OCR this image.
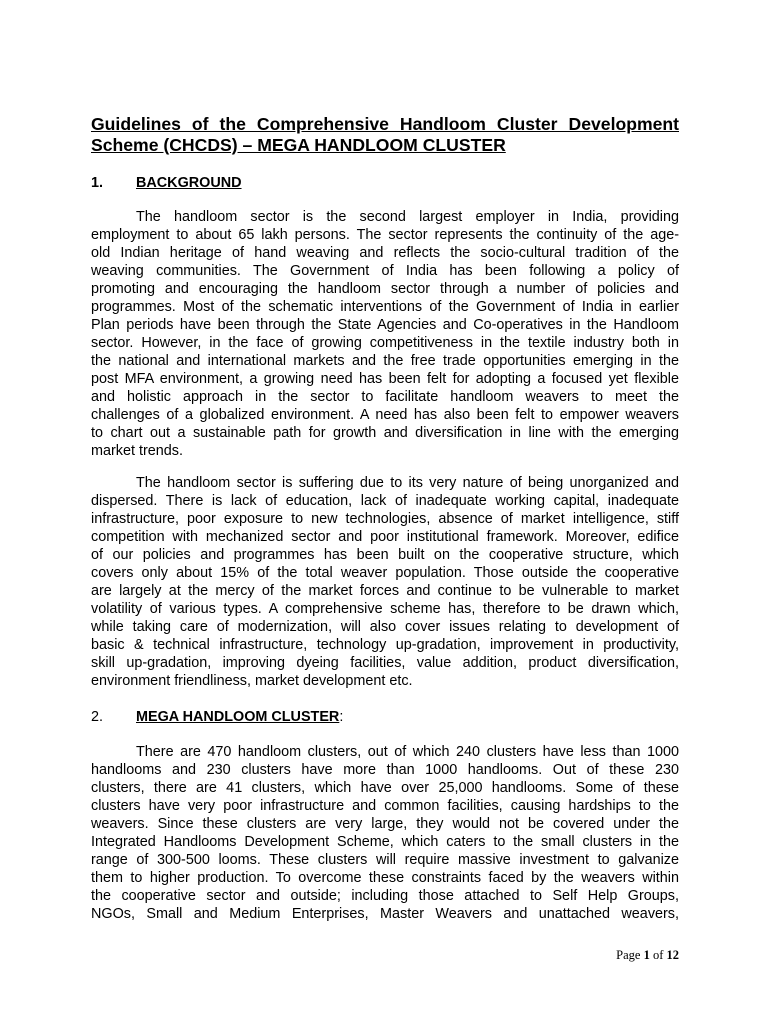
Guidelines of the Comprehensive Handloom Cluster Development Scheme (CHCDS) – MEGA HANDLOOM CLUSTER
1. BACKGROUND
The handloom sector is the second largest employer in India, providing
employment to about 65 lakh persons. The sector represents the continuity of the age-
old Indian heritage of hand weaving and reflects the socio-cultural tradition of the
weaving communities. The Government of India has been following a policy of
promoting and encouraging the handloom sector through a number of policies and
programmes. Most of the schematic interventions of the Government of India in earlier
Plan periods have been through the State Agencies and Co-operatives in the Handloom
sector. However, in the face of growing competitiveness in the textile industry both in
the national and international markets and the free trade opportunities emerging in the
post MFA environment, a growing need has been felt for adopting a focused yet flexible
and holistic approach in the sector to facilitate handloom weavers to meet the
challenges of a globalized environment. A need has also been felt to empower weavers
to chart out a sustainable path for growth and diversification in line with the emerging
market trends.
The handloom sector is suffering due to its very nature of being unorganized and
dispersed. There is lack of education, lack of inadequate working capital, inadequate
infrastructure, poor exposure to new technologies, absence of market intelligence, stiff
competition with mechanized sector and poor institutional framework. Moreover, edifice
of our policies and programmes has been built on the cooperative structure, which
covers only about 15% of the total weaver population. Those outside the cooperative
are largely at the mercy of the market forces and continue to be vulnerable to market
volatility of various types. A comprehensive scheme has, therefore to be drawn which,
while taking care of modernization, will also cover issues relating to development of
basic & technical infrastructure, technology up-gradation, improvement in productivity,
skill up-gradation, improving dyeing facilities, value addition, product diversification,
environment friendliness, market development etc.
2. MEGA HANDLOOM CLUSTER:
There are 470 handloom clusters, out of which 240 clusters have less than 1000
handlooms and 230 clusters have more than 1000 handlooms. Out of these 230
clusters, there are 41 clusters, which have over 25,000 handlooms. Some of these
clusters have very poor infrastructure and common facilities, causing hardships to the
weavers. Since these clusters are very large, they would not be covered under the
Integrated Handlooms Development Scheme, which caters to the small clusters in the
range of 300-500 looms. These clusters will require massive investment to galvanize
them to higher production. To overcome these constraints faced by the weavers within
the cooperative sector and outside; including those attached to Self Help Groups,
NGOs, Small and Medium Enterprises, Master Weavers and unattached weavers,
Page 1 of 12
